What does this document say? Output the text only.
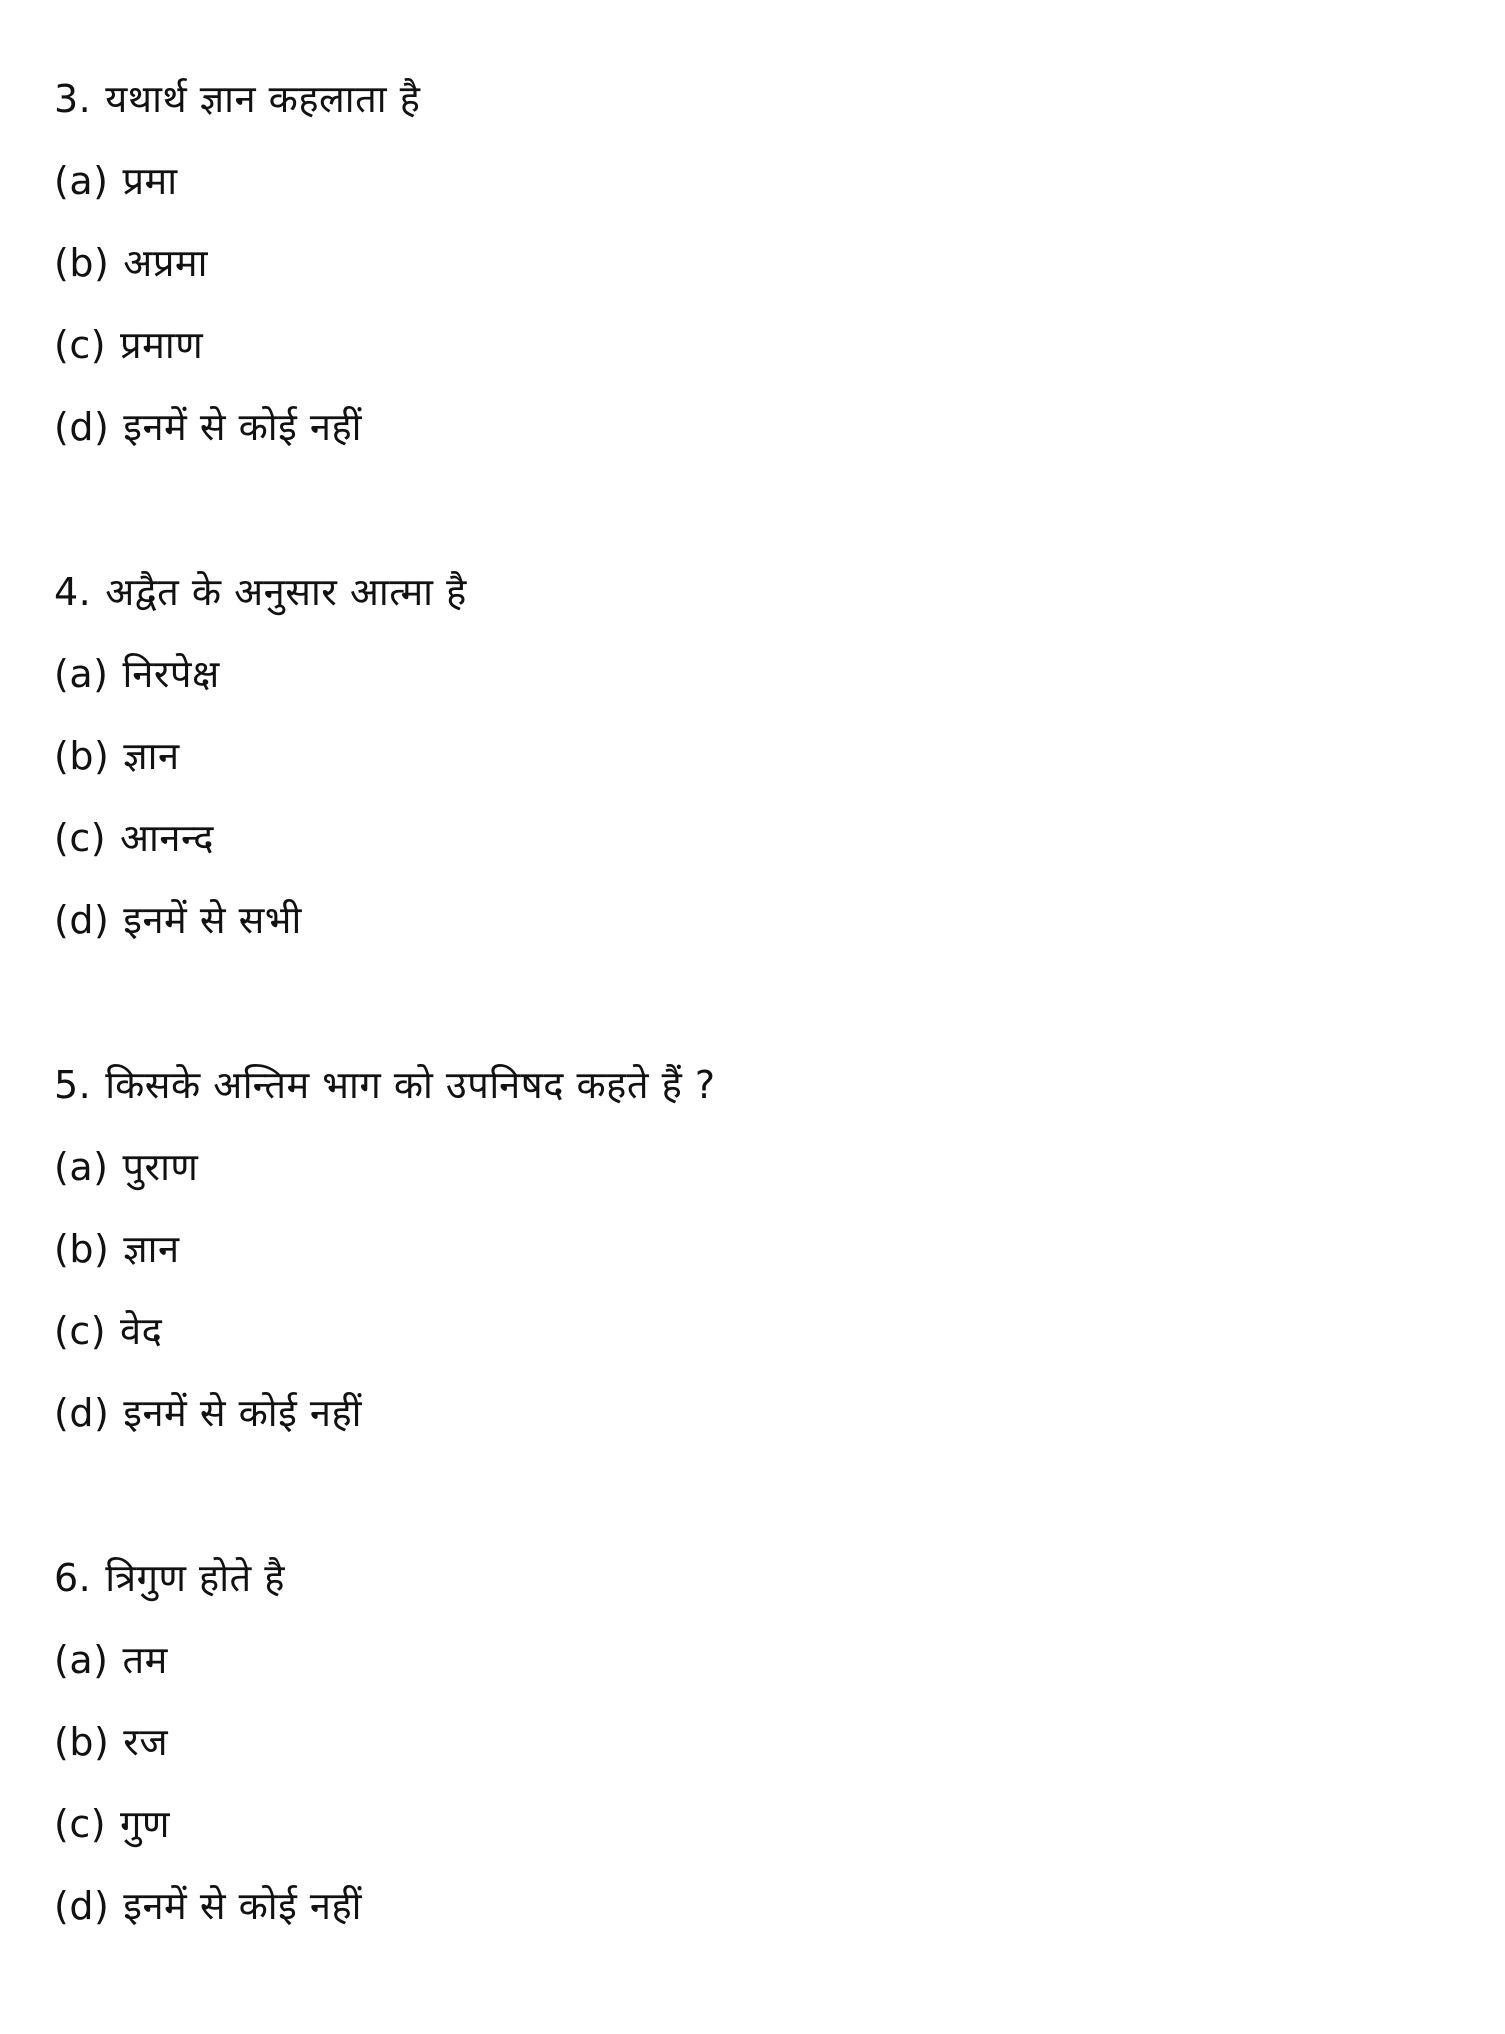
3. यथार्थ ज्ञान कहलाता है
(a) प्रमा
(b) अप्रमा
(c) प्रमाण
(d) इनमें से कोई नहीं
4. अद्वैत के अनुसार आत्मा है
(a) निरपेक्ष
(b) ज्ञान
(c) आनन्द
(d) इनमें से सभी
5. किसके अन्तिम भाग को उपनिषद कहते हैं ?
(a) पुराण
(b) ज्ञान
(c) वेद
(d) इनमें से कोई नहीं
6. त्रिगुण होते है
(a) तम
(b) रज
(c) गुण
(d) इनमें से कोई नहीं
